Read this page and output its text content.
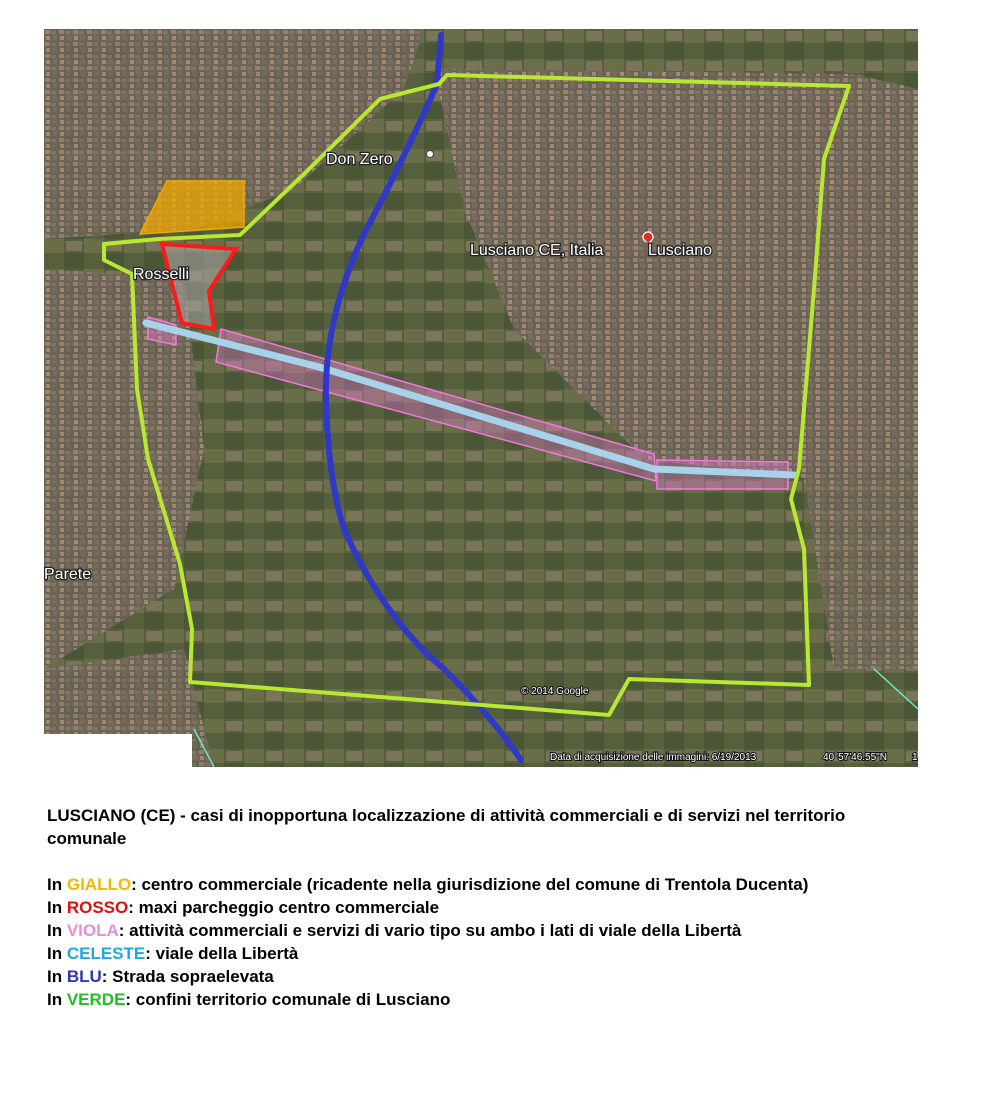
Don Zero
Lusciano CE, Italia	Lusciano
Rosselli
Parete
© 2014 Google
Data di acquisizione delle immagini: 6/19/2013	40°57'46.55"N	1
LUSCIANO (CE) - casi di inopportuna localizzazione di attività commerciali e di servizi nel territorio comunale
In GIALLO: centro commerciale (ricadente nella giurisdizione del comune di Trentola Ducenta)
In ROSSO: maxi parcheggio centro commerciale
In VIOLA: attività commerciali e servizi di vario tipo su ambo i lati di viale della Libertà
In CELESTE: viale della Libertà
In BLU: Strada sopraelevata
In VERDE: confini territorio comunale di Lusciano
